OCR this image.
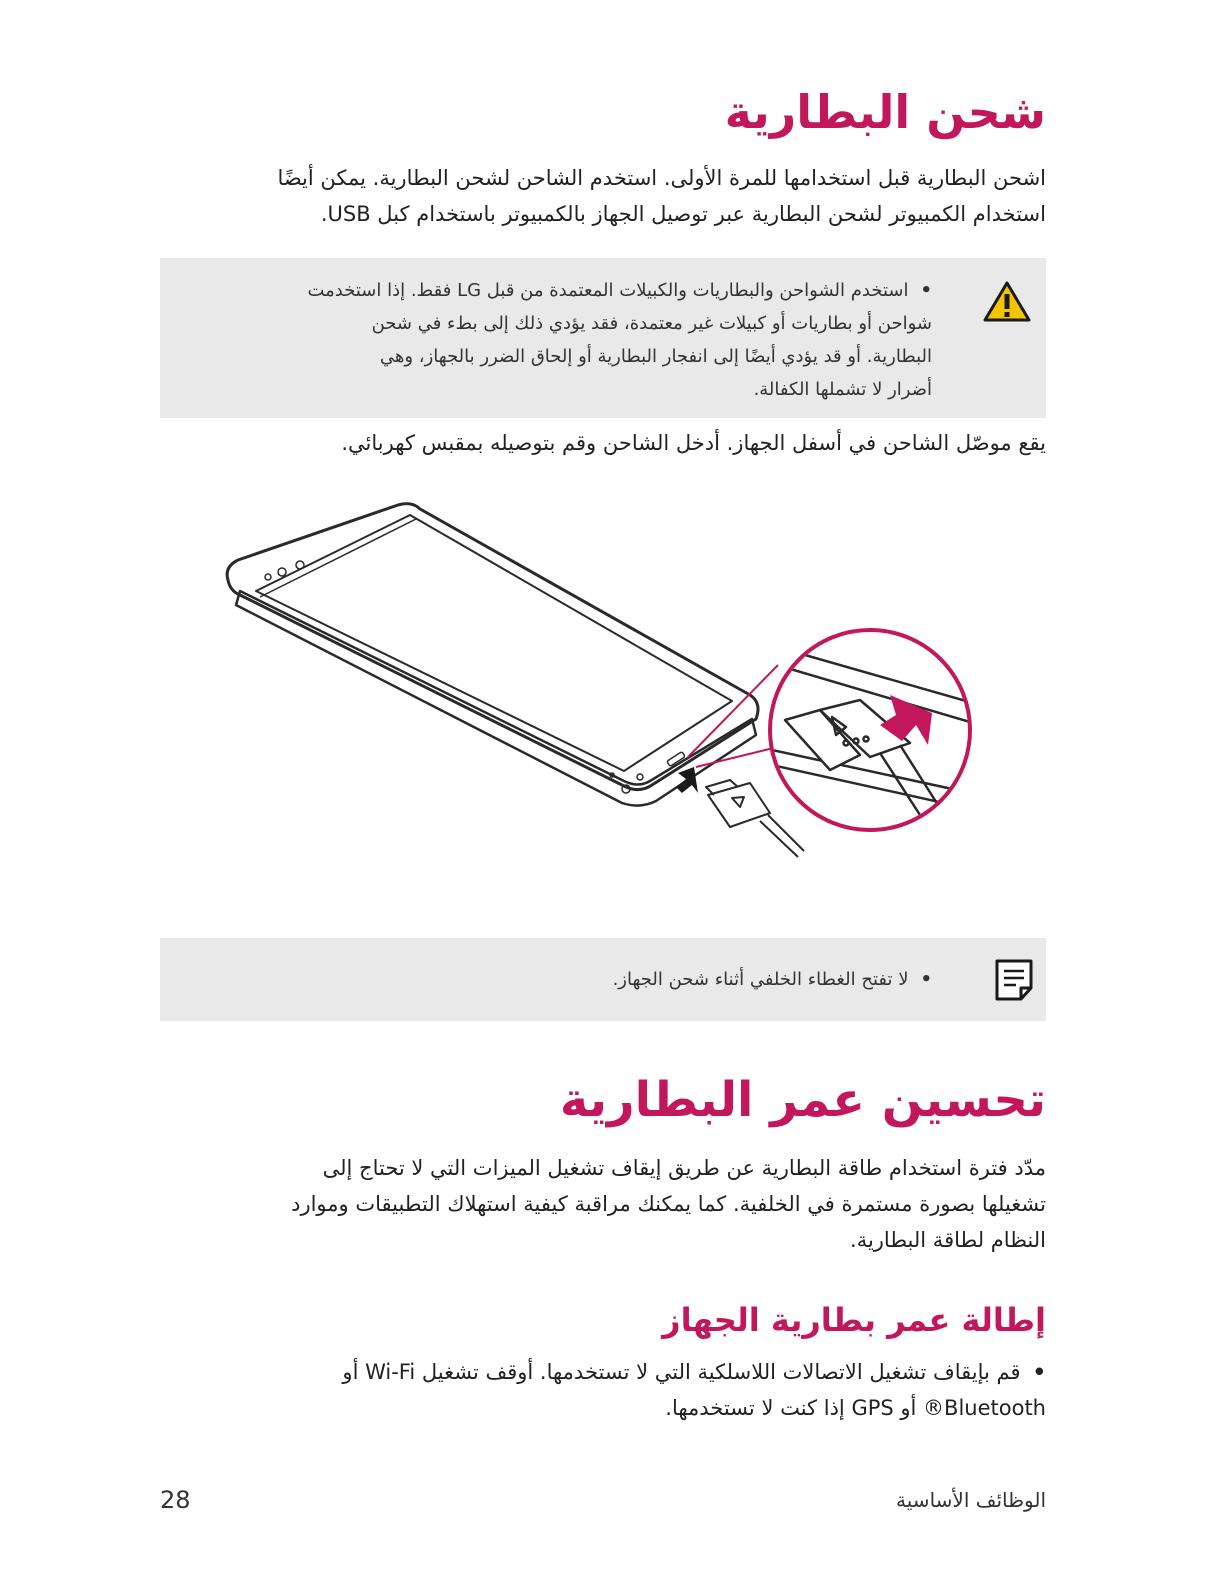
شحن البطارية

اشحن البطارية قبل استخدامها للمرة الأولى. استخدم الشاحن لشحن البطارية. يمكن أيضًا
استخدام الكمبيوتر لشحن البطارية عبر توصيل الجهاز بالكمبيوتر باستخدام كبل USB.

•استخدم الشواحن والبطاريات والكبيلات المعتمدة من قبل LG فقط. إذا استخدمت
شواحن أو بطاريات أو كبيلات غير معتمدة، فقد يؤدي ذلك إلى بطء في شحن
البطارية. أو قد يؤدي أيضًا إلى انفجار البطارية أو إلحاق الضرر بالجهاز، وهي
أضرار لا تشملها الكفالة.

يقع موصّل الشاحن في أسفل الجهاز. أدخل الشاحن وقم بتوصيله بمقبس كهربائي.

•لا تفتح الغطاء الخلفي أثناء شحن الجهاز.
تحسين عمر البطارية

مدّد فترة استخدام طاقة البطارية عن طريق إيقاف تشغيل الميزات التي لا تحتاج إلى
تشغيلها بصورة مستمرة في الخلفية. كما يمكنك مراقبة كيفية استهلاك التطبيقات وموارد
النظام لطاقة البطارية.

إطالة عمر بطارية الجهاز

•قم بإيقاف تشغيل الاتصالات اللاسلكية التي لا تستخدمها. أوقف تشغيل Wi-Fi أو
Bluetooth® أو GPS إذا كنت لا تستخدمها.

الوظائف الأساسية
28
